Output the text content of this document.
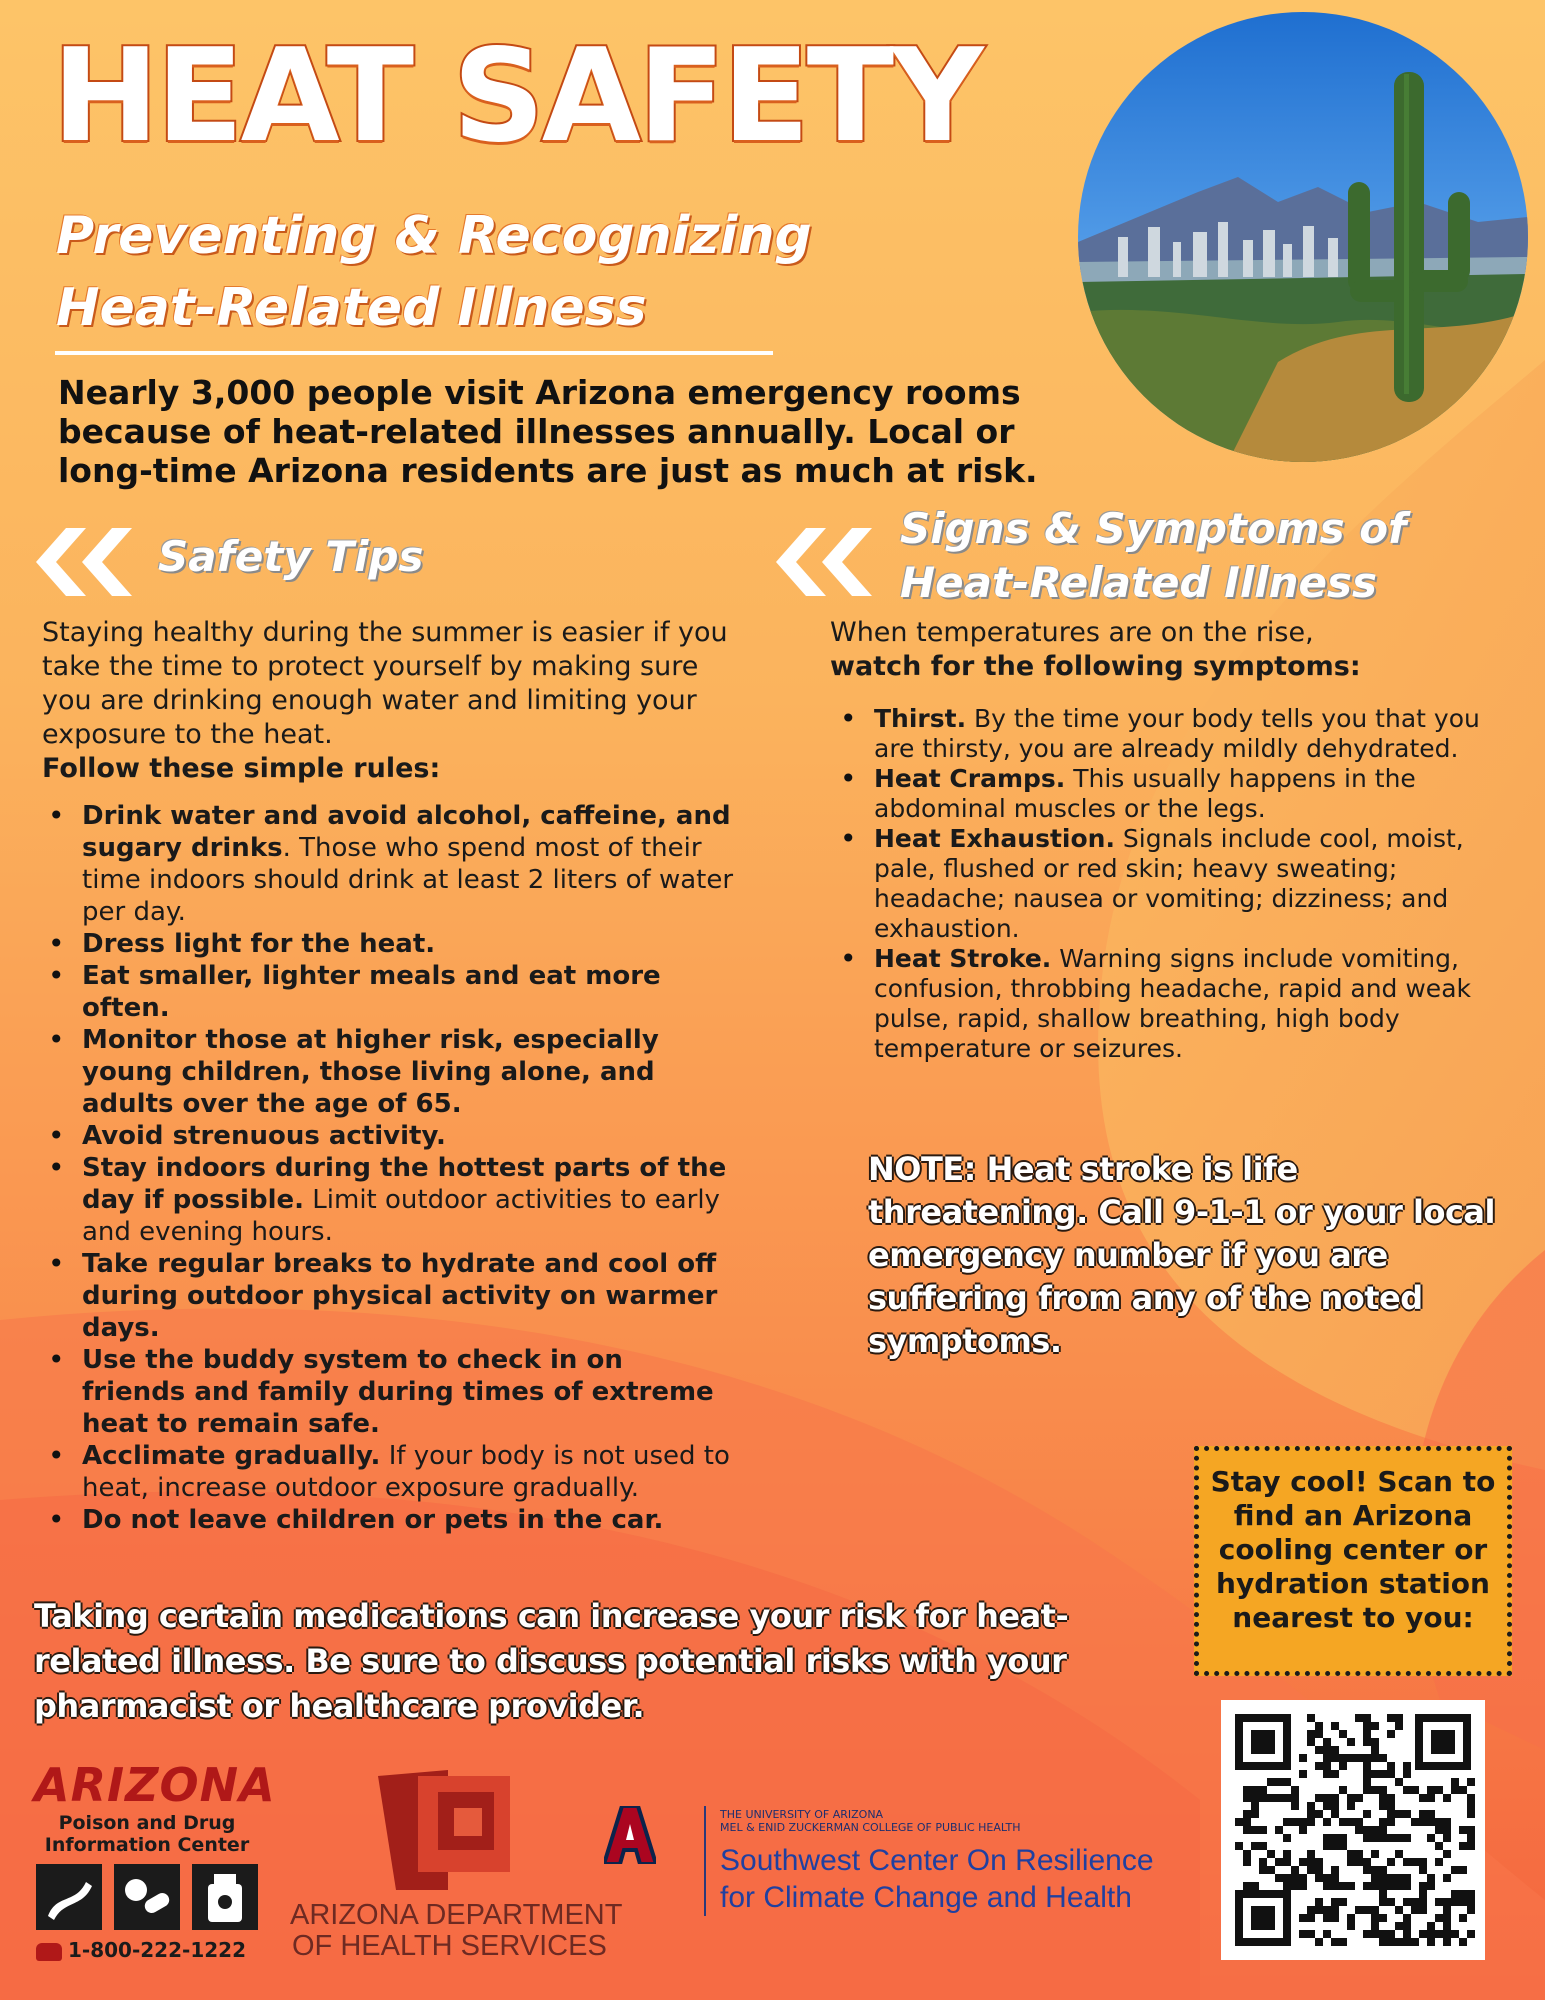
HEAT SAFETY
Preventing & Recognizing
Heat-Related Illness
Nearly 3,000 people visit Arizona emergency rooms because of heat-related illnesses annually. Local or long-time Arizona residents are just as much at risk.
Safety Tips
Staying healthy during the summer is easier if you take the time to protect yourself by making sure you are drinking enough water and limiting your exposure to the heat.
Follow these simple rules:
• Drink water and avoid alcohol, caffeine, and sugary drinks. Those who spend most of their time indoors should drink at least 2 liters of water per day.
• Dress light for the heat.
• Eat smaller, lighter meals and eat more often.
• Monitor those at higher risk, especially young children, those living alone, and adults over the age of 65.
• Avoid strenuous activity.
• Stay indoors during the hottest parts of the day if possible. Limit outdoor activities to early and evening hours.
• Take regular breaks to hydrate and cool off during outdoor physical activity on warmer days.
• Use the buddy system to check in on friends and family during times of extreme heat to remain safe.
• Acclimate gradually. If your body is not used to heat, increase outdoor exposure gradually.
• Do not leave children or pets in the car.
Signs & Symptoms of
Heat-Related Illness
When temperatures are on the rise,
watch for the following symptoms:
• Thirst. By the time your body tells you that you are thirsty, you are already mildly dehydrated.
• Heat Cramps. This usually happens in the abdominal muscles or the legs.
• Heat Exhaustion. Signals include cool, moist, pale, flushed or red skin; heavy sweating; headache; nausea or vomiting; dizziness; and exhaustion.
• Heat Stroke. Warning signs include vomiting, confusion, throbbing headache, rapid and weak pulse, rapid, shallow breathing, high body temperature or seizures.
NOTE: Heat stroke is life threatening. Call 9-1-1 or your local emergency number if you are suffering from any of the noted symptoms.
Taking certain medications can increase your risk for heat-related illness. Be sure to discuss potential risks with your pharmacist or healthcare provider.
Stay cool! Scan to find an Arizona cooling center or hydration station nearest to you:
ARIZONA
Poison and Drug Information Center
1-800-222-1222
ARIZONA DEPARTMENT
OF HEALTH SERVICES
THE UNIVERSITY OF ARIZONA
MEL & ENID ZUCKERMAN COLLEGE OF PUBLIC HEALTH
Southwest Center On Resilience
for Climate Change and Health
